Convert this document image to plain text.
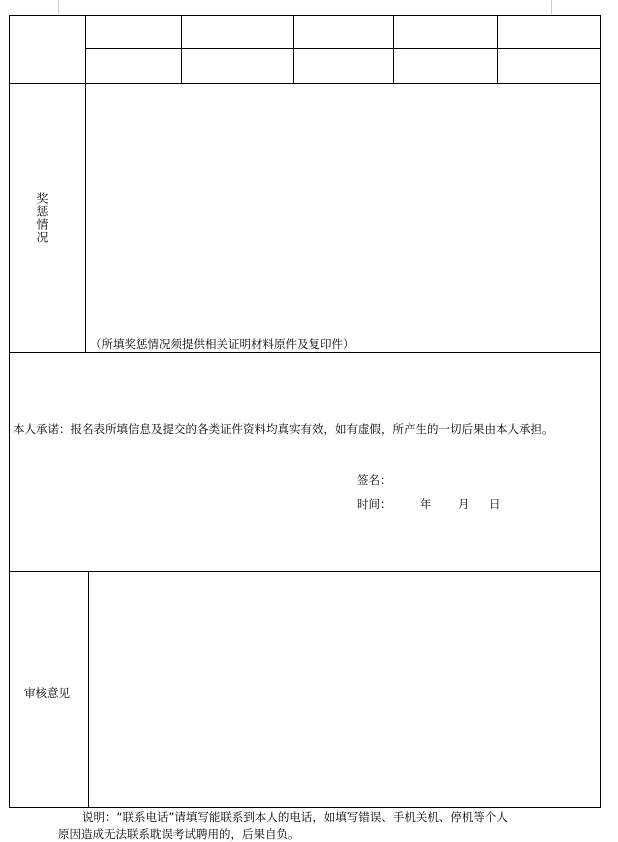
奖惩情况
（所填奖惩情况须提供相关证明材料原件及复印件）
本人承诺：报名表所填信息及提交的各类证件资料均真实有效，如有虚假，所产生的一切后果由本人承担。
签名：
时间： 年 月 日
审核意见
说明：“联系电话”请填写能联系到本人的电话，如填写错误、手机关机、停机等个人
原因造成无法联系耽误考试聘用的，后果自负。
